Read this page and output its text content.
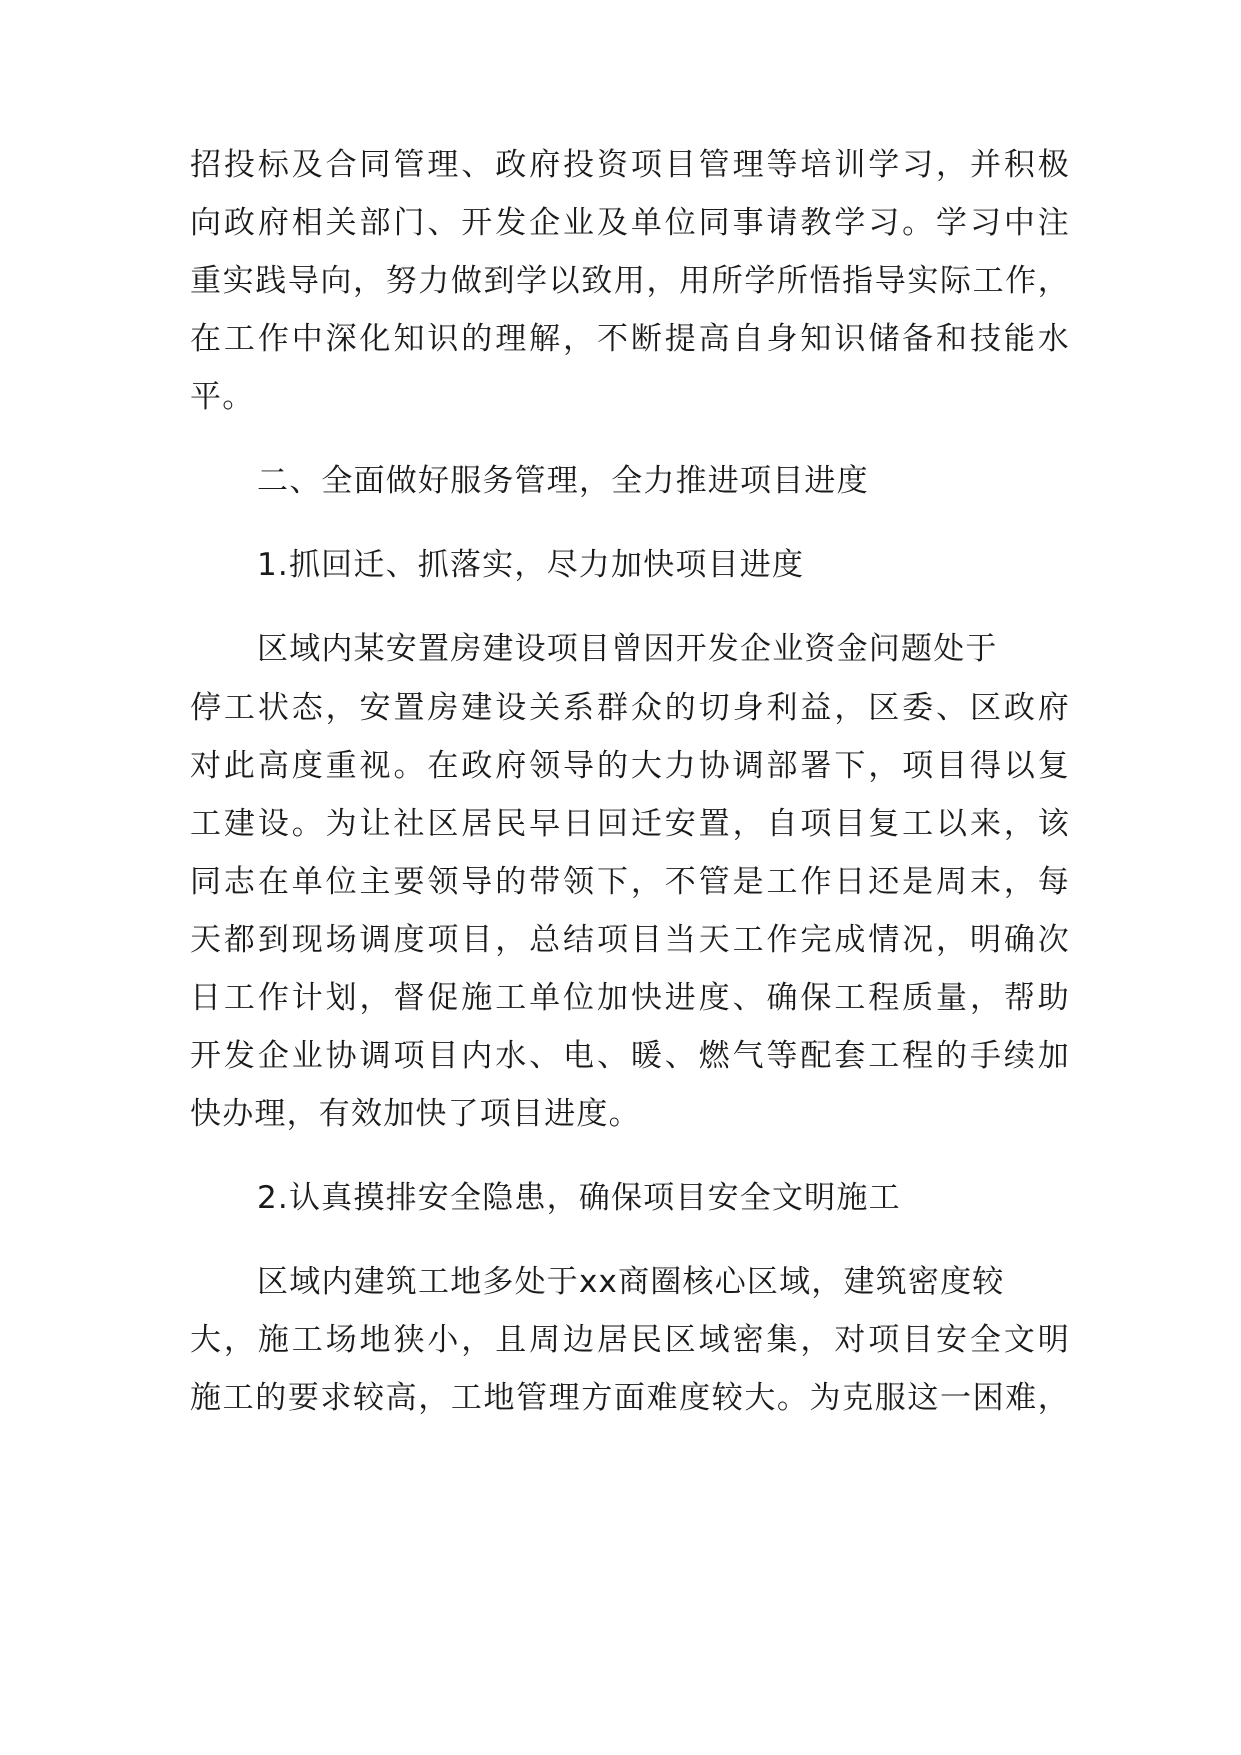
招投标及合同管理、政府投资项目管理等培训学习，并积极
向政府相关部门、开发企业及单位同事请教学习。学习中注
重实践导向，努力做到学以致用，用所学所悟指导实际工作，
在工作中深化知识的理解，不断提高自身知识储备和技能水
平。
二、全面做好服务管理，全力推进项目进度
1.抓回迁、抓落实，尽力加快项目进度
区域内某安置房建设项目曾因开发企业资金问题处于
停工状态，安置房建设关系群众的切身利益，区委、区政府
对此高度重视。在政府领导的大力协调部署下，项目得以复
工建设。为让社区居民早日回迁安置，自项目复工以来，该
同志在单位主要领导的带领下，不管是工作日还是周末，每
天都到现场调度项目，总结项目当天工作完成情况，明确次
日工作计划，督促施工单位加快进度、确保工程质量，帮助
开发企业协调项目内水、电、暖、燃气等配套工程的手续加
快办理，有效加快了项目进度。
2.认真摸排安全隐患，确保项目安全文明施工
区域内建筑工地多处于xx商圈核心区域，建筑密度较
大，施工场地狭小，且周边居民区域密集，对项目安全文明
施工的要求较高，工地管理方面难度较大。为克服这一困难，
